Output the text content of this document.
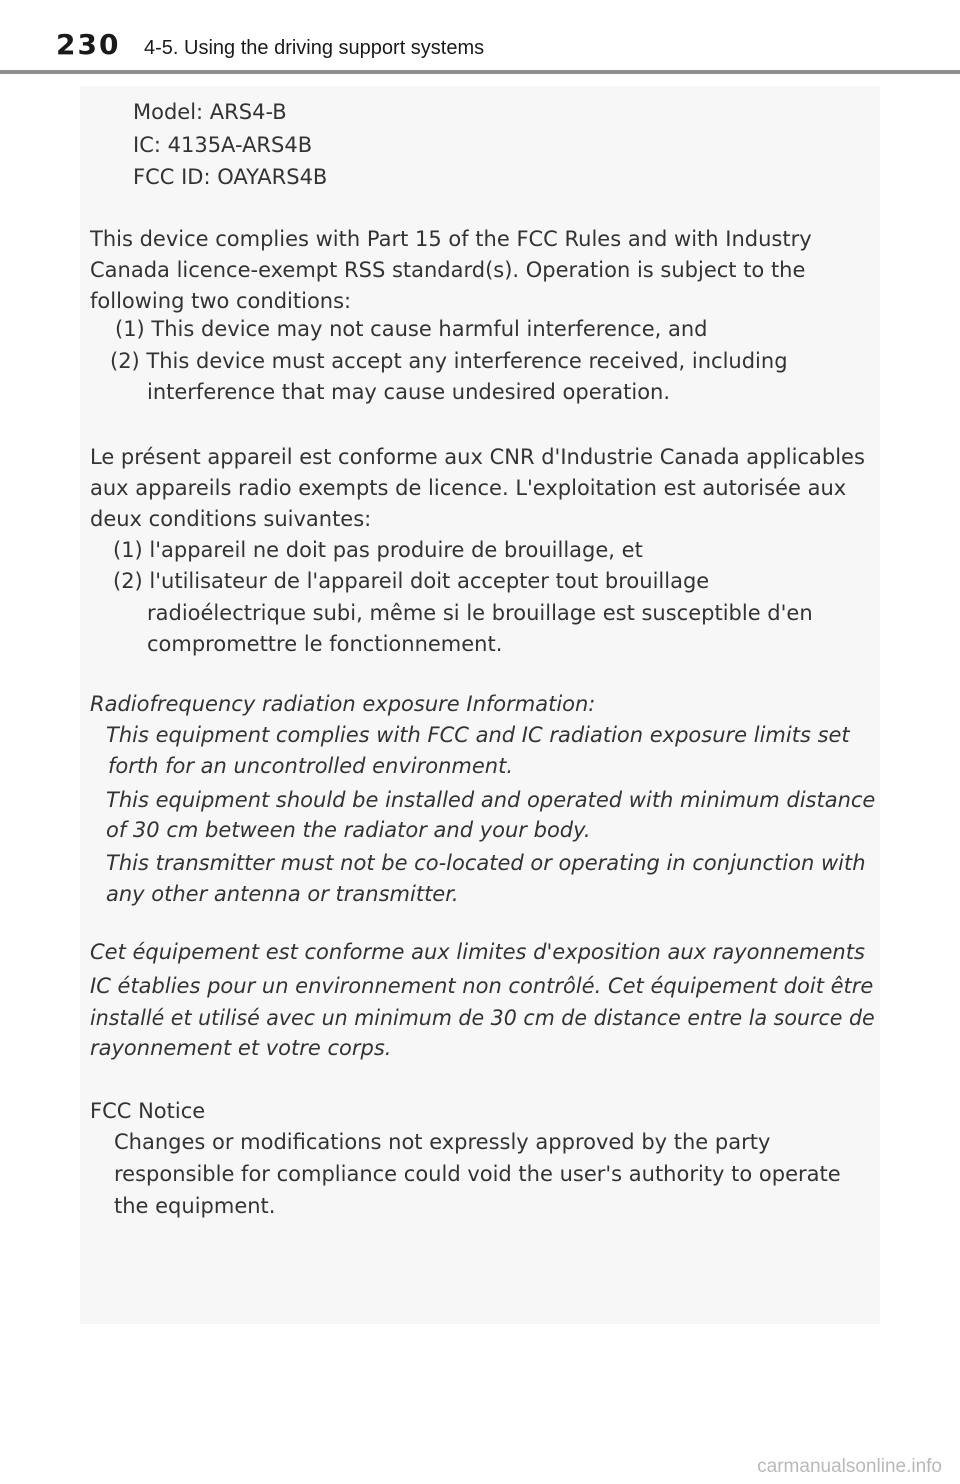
230 4-5. Using the driving support systems
Model: ARS4-B
IC: 4135A-ARS4B
FCC ID: OAYARS4B
This device complies with Part 15 of the FCC Rules and with Industry
Canada licence-exempt RSS standard(s). Operation is subject to the
following two conditions:
(1) This device may not cause harmful interference, and
(2) This device must accept any interference received, including
interference that may cause undesired operation.
Le présent appareil est conforme aux CNR d'Industrie Canada applicables
aux appareils radio exempts de licence. L'exploitation est autorisée aux
deux conditions suivantes:
(1) l'appareil ne doit pas produire de brouillage, et
(2) l'utilisateur de l'appareil doit accepter tout brouillage
radioélectrique subi, même si le brouillage est susceptible d'en
compromettre le fonctionnement.
Radiofrequency radiation exposure Information:
This equipment complies with FCC and IC radiation exposure limits set
forth for an uncontrolled environment.
This equipment should be installed and operated with minimum distance
of 30 cm between the radiator and your body.
This transmitter must not be co-located or operating in conjunction with
any other antenna or transmitter.
Cet équipement est conforme aux limites d'exposition aux rayonnements
IC établies pour un environnement non contrôlé. Cet équipement doit être
installé et utilisé avec un minimum de 30 cm de distance entre la source de
rayonnement et votre corps.
FCC Notice
Changes or modifications not expressly approved by the party
responsible for compliance could void the user's authority to operate
the equipment.
carmanualsonline.info
